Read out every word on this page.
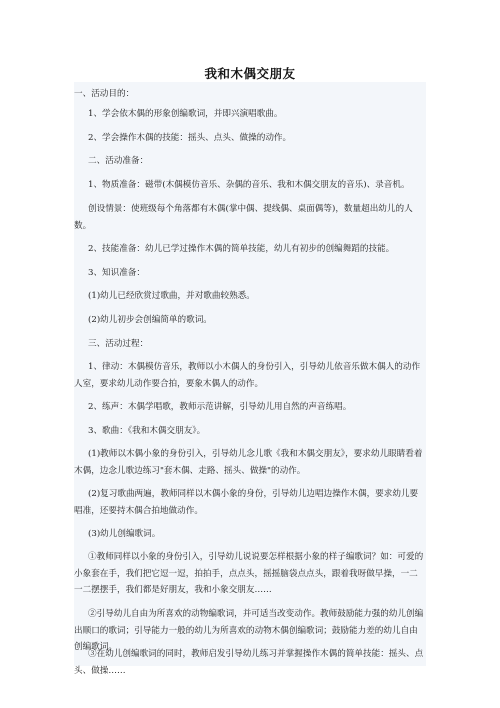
我和木偶交朋友
一、活动目的：
1、学会依木偶的形象创编歌词，并即兴演唱歌曲。
2、学会操作木偶的技能：摇头、点头、做操的动作。
二、活动准备：
1、物质准备：磁带(木偶模仿音乐、杂偶的音乐、我和木偶交朋友的音乐)、录音机。
创设情景：使班级每个角落都有木偶(掌中偶、提线偶、桌面偶等)，数量超出幼儿的人数。
2、技能准备：幼儿已学过操作木偶的简单技能，幼儿有初步的创编舞蹈的技能。
3、知识准备：
(1)幼儿已经欣赏过歌曲，并对歌曲较熟悉。
(2)幼儿初步会创编简单的歌词。
三、活动过程：
1、律动：木偶模仿音乐，教师以小木偶人的身份引入，引导幼儿依音乐做木偶人的动作人室，要求幼儿动作要合拍，要象木偶人的动作。
2、练声：木偶学唱歌，教师示范讲解，引导幼儿用自然的声音练唱。
3、歌曲：《我和木偶交朋友》。
(1)教师以木偶小象的身份引入，引导幼儿念儿歌《我和木偶交朋友》，要求幼儿眼睛看着木偶，边念儿歌边练习"套木偶、走路、摇头、做操"的动作。
(2)复习歌曲两遍，教师同样以木偶小象的身份，引导幼儿边唱边操作木偶，要求幼儿要唱准，还要持木偶合拍地做动作。
(3)幼儿创编歌词。
①教师同样以小象的身份引入，引导幼儿说说要怎样根据小象的样子编歌词？如：可爱的小象套在手，我们把它逗一逗，拍拍手，点点头，摇摇脑袋点点头，跟着我呀做早操，一二一二摆摆手，我们都是好朋友，我和小象交朋友……
②引导幼儿自由为所喜欢的动物编歌词，并可适当改变动作。教师鼓励能力强的幼儿创编出顺口的歌词；引导能力一般的幼儿为所喜欢的动物木偶创编歌词；鼓励能力差的幼儿自由创编歌词。
③在幼儿创编歌词的同时，教师启发引导幼儿练习并掌握操作木偶的简单技能：摇头、点头、做操……
